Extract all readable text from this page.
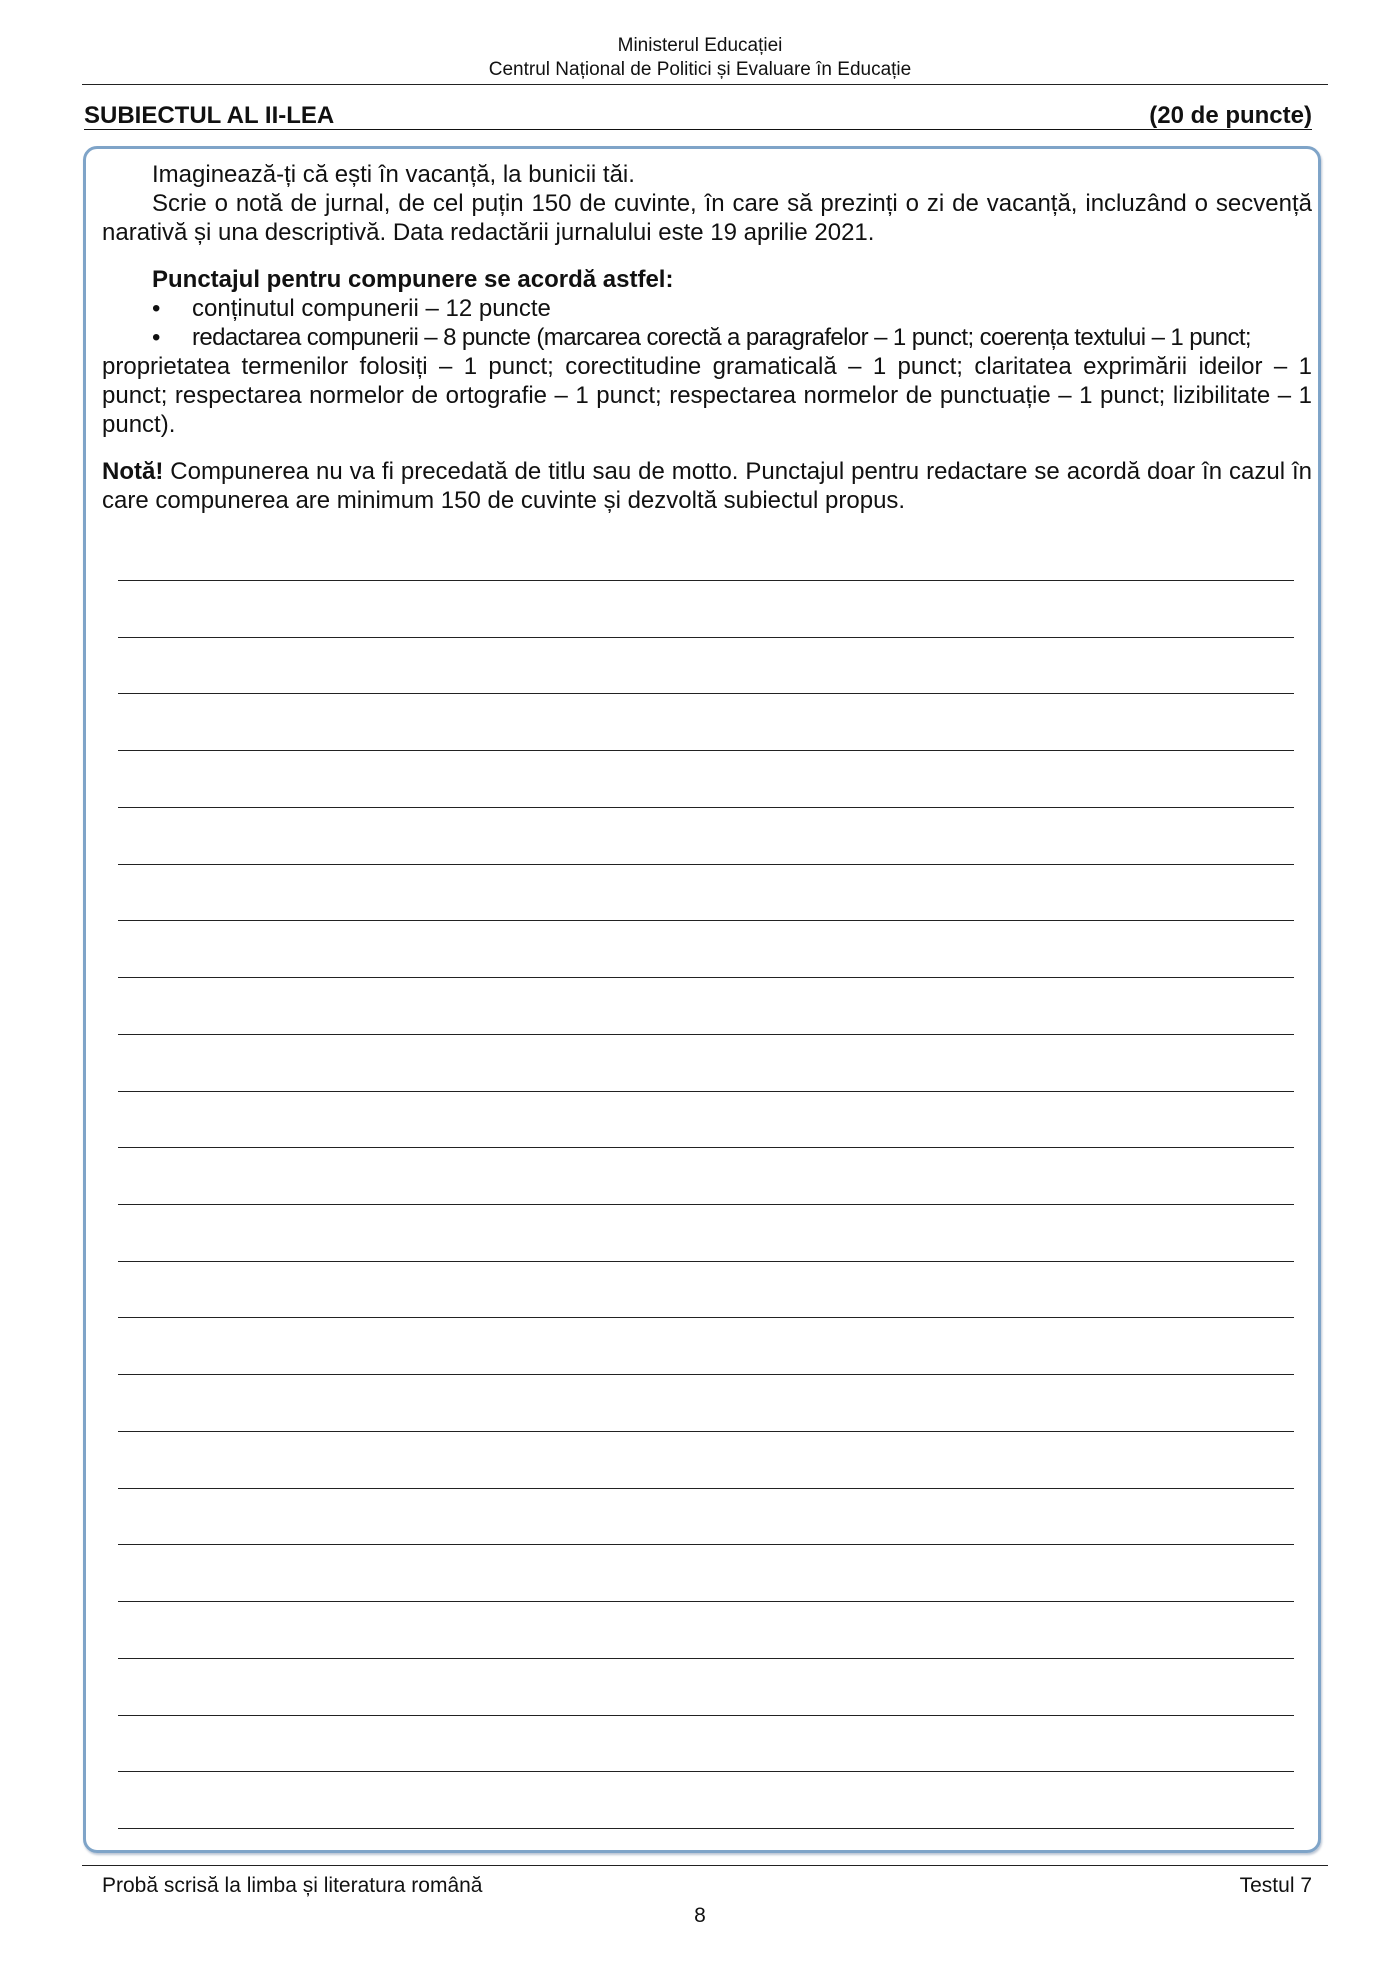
Ministerul Educației
Centrul Național de Politici și Evaluare în Educație
SUBIECTUL AL II-LEA	(20 de puncte)

Imaginează-ți că ești în vacanță, la bunicii tăi.

Scrie o notă de jurnal, de cel puțin 150 de cuvinte, în care să prezinți o zi de vacanță, incluzând o secvență narativă și una descriptivă. Data redactării jurnalului este 19 aprilie 2021.

Punctajul pentru compunere se acordă astfel:

• conținutul compunerii – 12 puncte

• redactarea compunerii – 8 puncte (marcarea corectă a paragrafelor – 1 punct; coerența textului – 1 punct;

proprietatea termenilor folosiți – 1 punct; corectitudine gramaticală – 1 punct; claritatea exprimării ideilor – 1 punct; respectarea normelor de ortografie – 1 punct; respectarea normelor de punctuație – 1 punct; lizibilitate – 1 punct).

Notă! Compunerea nu va fi precedată de titlu sau de motto. Punctajul pentru redactare se acordă doar în cazul în care compunerea are minimum 150 de cuvinte și dezvoltă subiectul propus.

Probă scrisă la limba și literatura română	Testul 7
8
